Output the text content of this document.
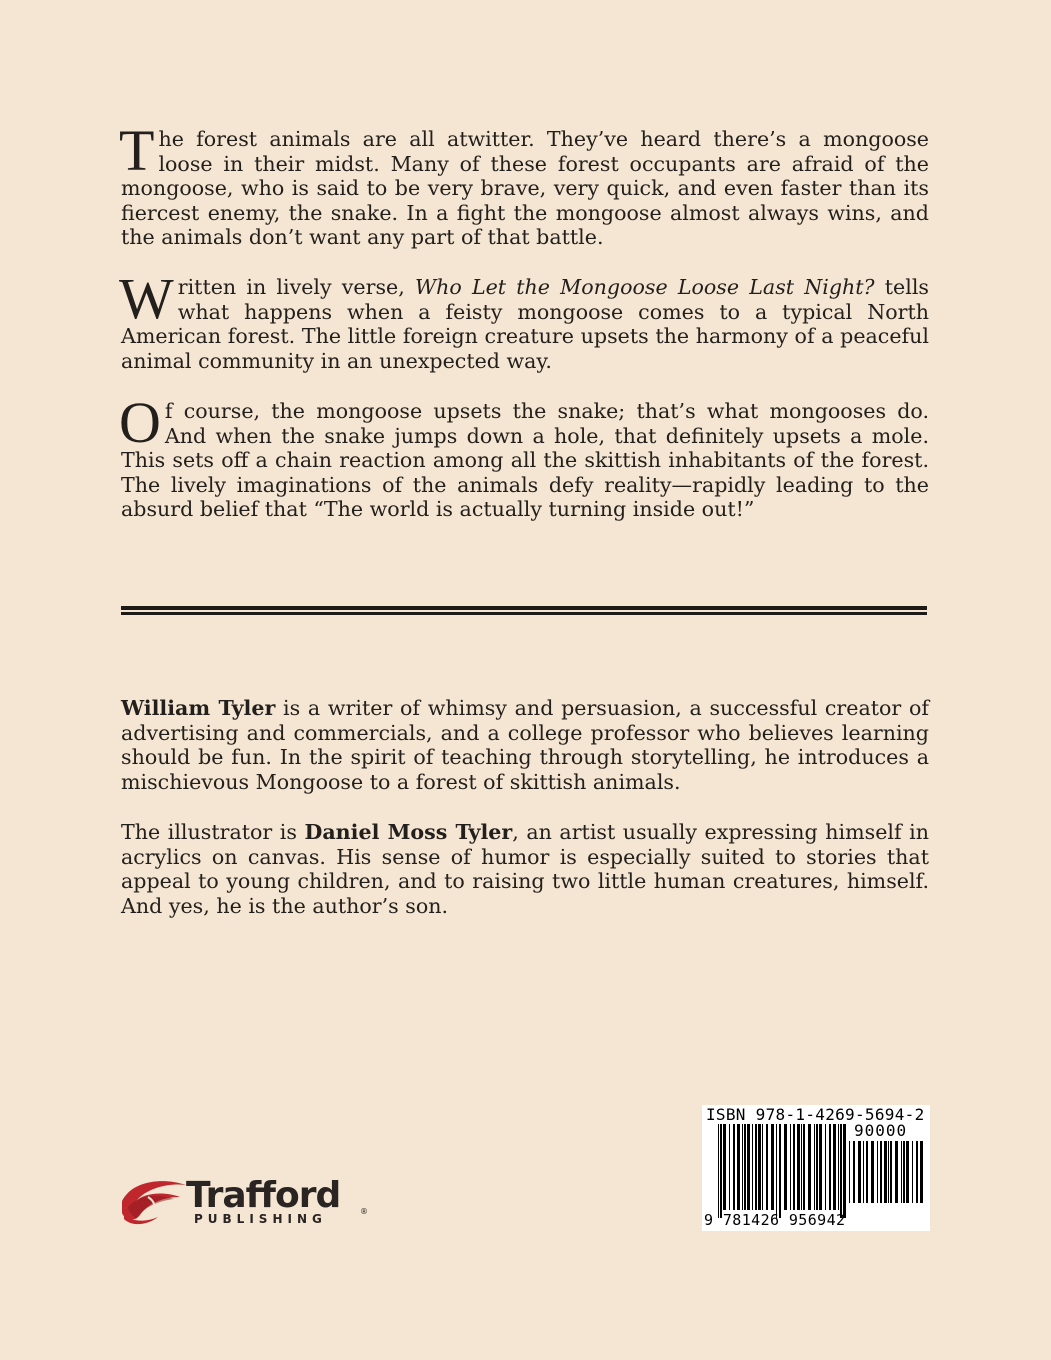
The forest animals are all atwitter. They’ve heard there’s a mongoose loose in their midst. Many of these forest occupants are afraid of the mongoose, who is said to be very brave, very quick, and even faster than its fiercest enemy, the snake. In a fight the mongoose almost always wins, and the animals don’t want any part of that battle.

Written in lively verse, Who Let the Mongoose Loose Last Night? tells what happens when a feisty mongoose comes to a typical North American forest. The little foreign creature upsets the harmony of a peaceful animal community in an unexpected way.

Of course, the mongoose upsets the snake; that’s what mongooses do. And when the snake jumps down a hole, that definitely upsets a mole. This sets off a chain reaction among all the skittish inhabitants of the forest. The lively imaginations of the animals defy reality—rapidly leading to the absurd belief that “The world is actually turning inside out!”

William Tyler is a writer of whimsy and persuasion, a successful creator of advertising and commercials, and a college professor who believes learning should be fun. In the spirit of teaching through storytelling, he introduces a mischievous Mongoose to a forest of skittish animals.

The illustrator is Daniel Moss Tyler, an artist usually expressing himself in acrylics on canvas. His sense of humor is especially suited to stories that appeal to young children, and to raising two little human creatures, himself. And yes, he is the author’s son.

Trafford
PUBLISHING
®
ISBN 978-1-4269-5694-2
90000
9 781426 956942
